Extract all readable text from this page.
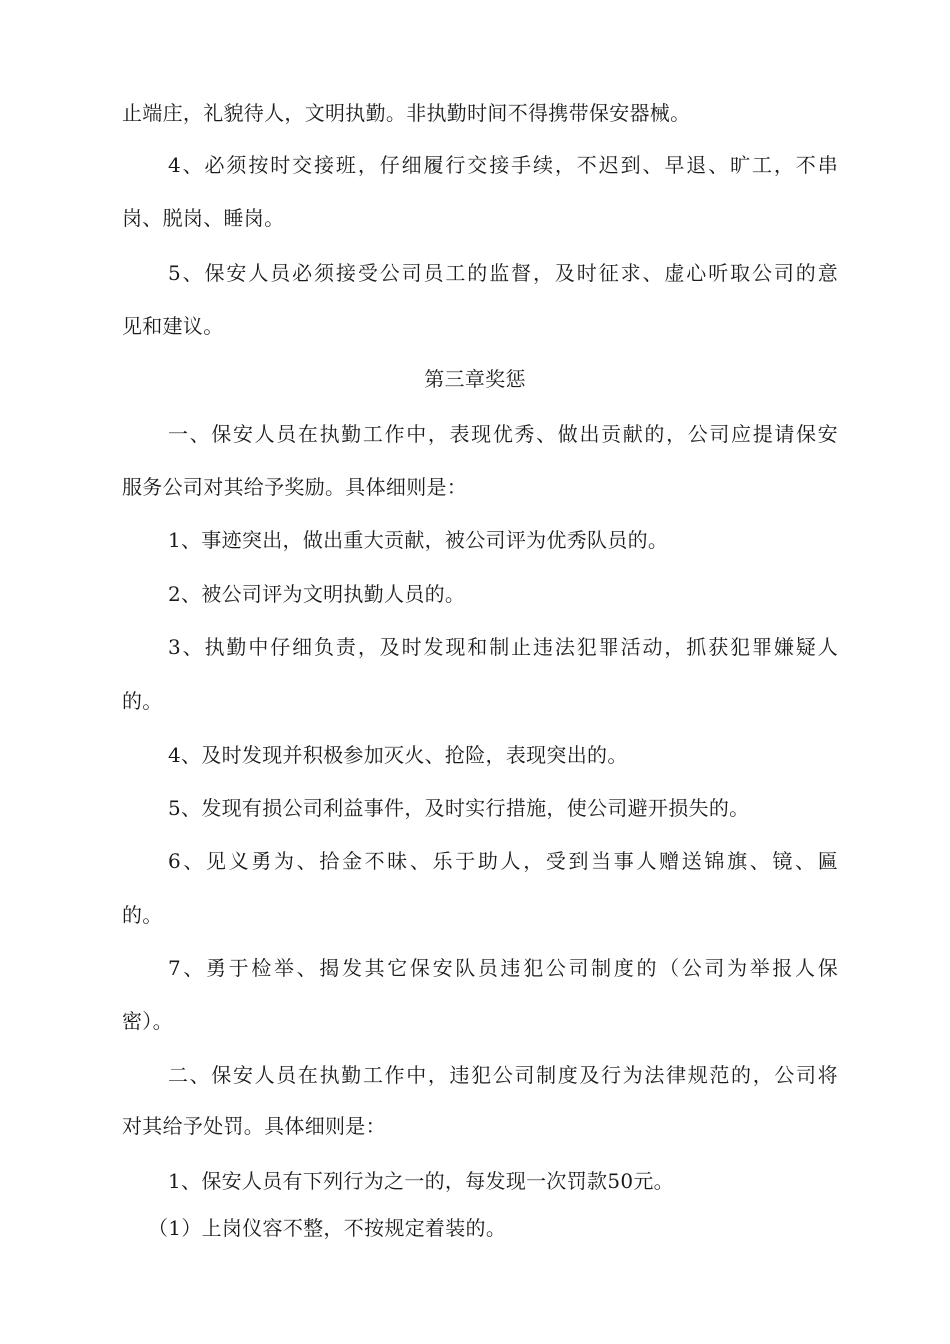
止端庄，礼貌待人，文明执勤。非执勤时间不得携带保安器械。
4、必须按时交接班，仔细履行交接手续，不迟到、早退、旷工，不串
岗、脱岗、睡岗。
5、保安人员必须接受公司员工的监督，及时征求、虚心听取公司的意
见和建议。
第三章奖惩
一、保安人员在执勤工作中，表现优秀、做出贡献的，公司应提请保安
服务公司对其给予奖励。具体细则是：
1、事迹突出，做出重大贡献，被公司评为优秀队员的。
2、被公司评为文明执勤人员的。
3、执勤中仔细负责，及时发现和制止违法犯罪活动，抓获犯罪嫌疑人
的。
4、及时发现并积极参加灭火、抢险，表现突出的。
5、发现有损公司利益事件，及时实行措施，使公司避开损失的。
6、见义勇为、拾金不昧、乐于助人，受到当事人赠送锦旗、镜、匾
的。
7、勇于检举、揭发其它保安队员违犯公司制度的（公司为举报人保
密）。
二、保安人员在执勤工作中，违犯公司制度及行为法律规范的，公司将
对其给予处罚。具体细则是：
1、保安人员有下列行为之一的，每发现一次罚款50元。
（1）上岗仪容不整，不按规定着装的。
